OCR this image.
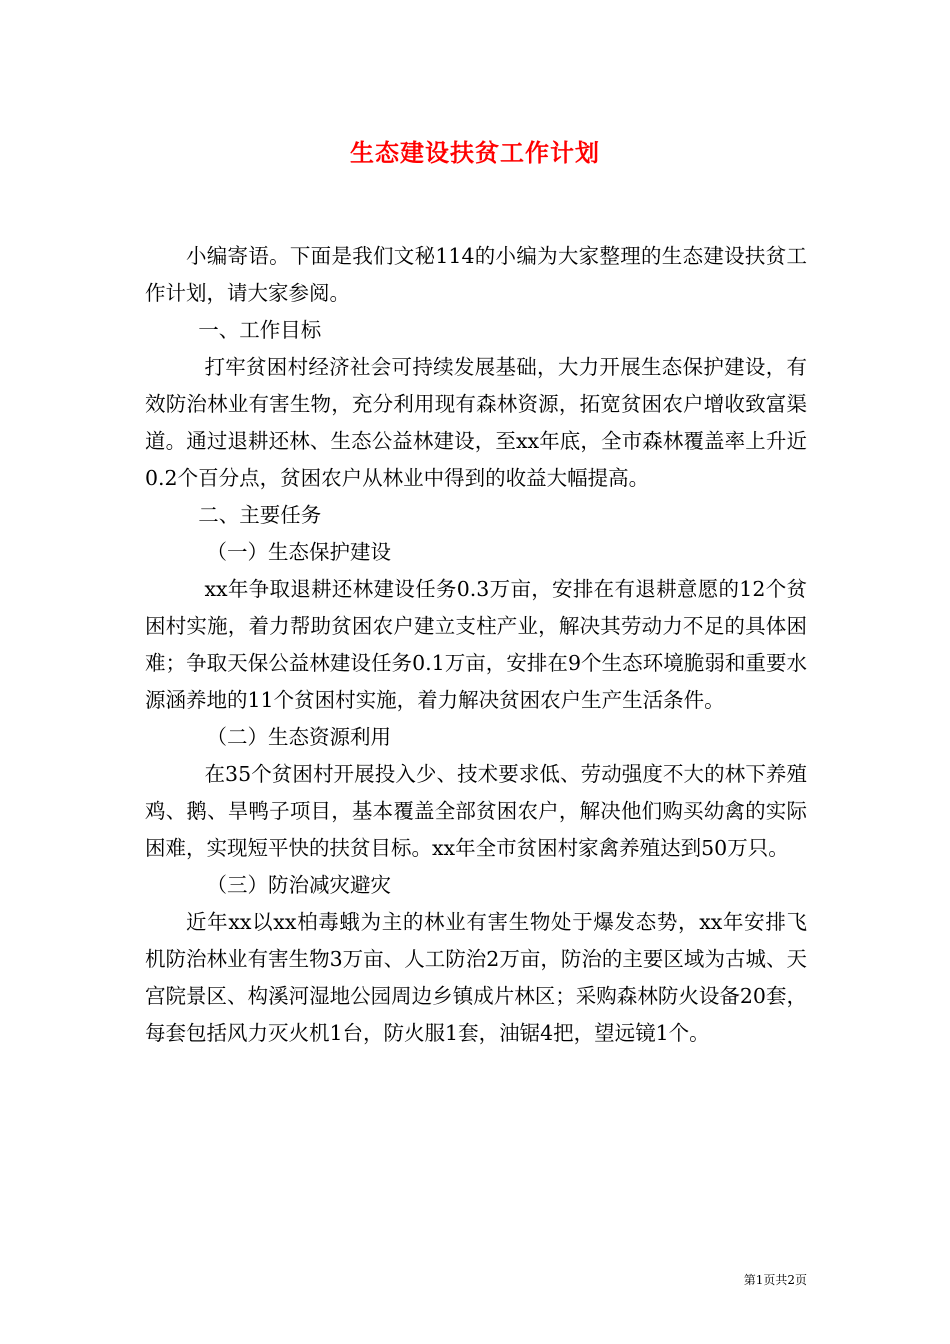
生态建设扶贫工作计划

小编寄语。下面是我们文秘114的小编为大家整理的生态建设扶贫工作计划，请大家参阅。

一、工作目标

打牢贫困村经济社会可持续发展基础，大力开展生态保护建设，有效防治林业有害生物，充分利用现有森林资源，拓宽贫困农户增收致富渠道。通过退耕还林、生态公益林建设，至xx年底，全市森林覆盖率上升近0.2个百分点，贫困农户从林业中得到的收益大幅提高。

二、主要任务

（一）生态保护建设

xx年争取退耕还林建设任务0.3万亩，安排在有退耕意愿的12个贫困村实施，着力帮助贫困农户建立支柱产业，解决其劳动力不足的具体困难；争取天保公益林建设任务0.1万亩，安排在9个生态环境脆弱和重要水源涵养地的11个贫困村实施，着力解决贫困农户生产生活条件。

（二）生态资源利用

在35个贫困村开展投入少、技术要求低、劳动强度不大的林下养殖鸡、鹅、旱鸭子项目，基本覆盖全部贫困农户，解决他们购买幼禽的实际困难，实现短平快的扶贫目标。xx年全市贫困村家禽养殖达到50万只。

（三）防治减灾避灾

近年xx以xx柏毒蛾为主的林业有害生物处于爆发态势，xx年安排飞机防治林业有害生物3万亩、人工防治2万亩，防治的主要区域为古城、天宫院景区、构溪河湿地公园周边乡镇成片林区；采购森林防火设备20套，每套包括风力灭火机1台，防火服1套，油锯4把，望远镜1个。

第1页共2页
